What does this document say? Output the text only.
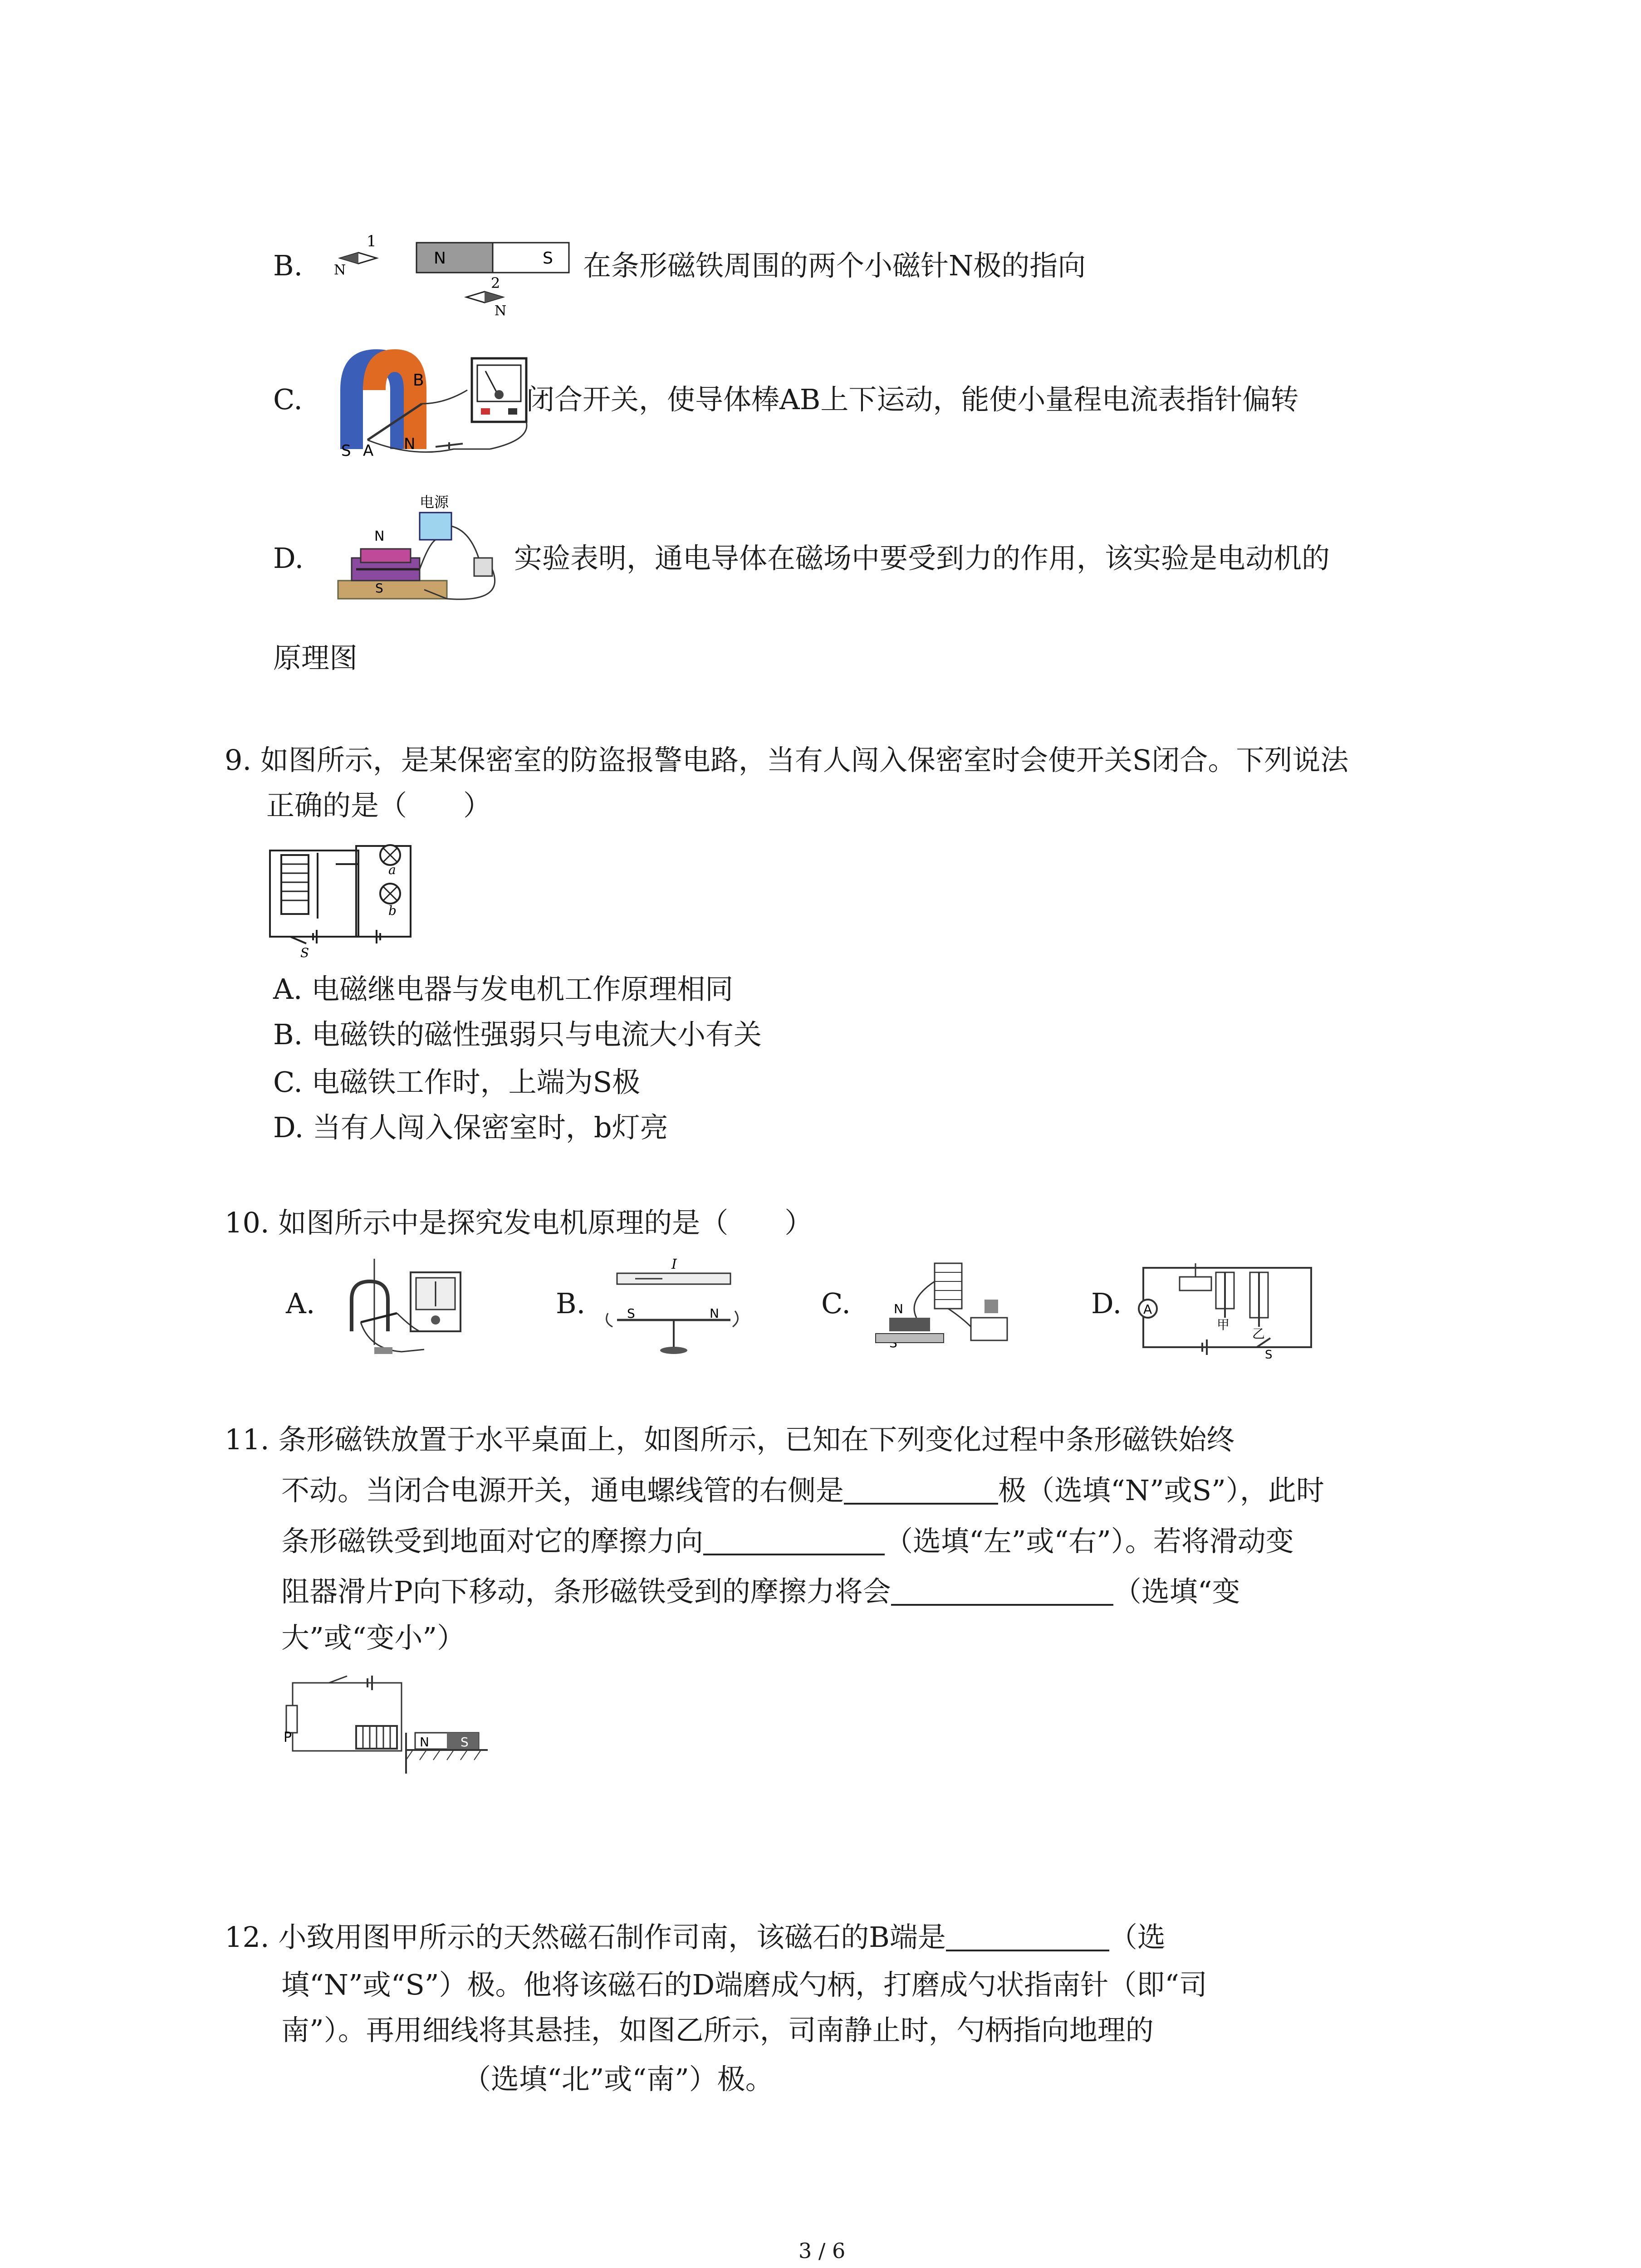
B.
1
N
N	S
2
N
在条形磁铁周围的两个小磁针N极的指向
C.
B
S A N
闭合开关，使导体棒AB上下运动，能使小量程电流表指针偏转
D.
电源
N
S
实验表明，通电导体在磁场中要受到力的作用，该实验是电动机的
原理图
9. 如图所示，是某保密室的防盗报警电路，当有人闯入保密室时会使开关S闭合。下列说法
正确的是（　　）
a
b
S
A. 电磁继电器与发电机工作原理相同
B. 电磁铁的磁性强弱只与电流大小有关
C. 电磁铁工作时，上端为S极
D. 当有人闯入保密室时，b灯亮
10. 如图所示中是探究发电机原理的是（　　）
A.	B.
I
S	N	C.	N	D. A
甲
乙
S
11. 条形磁铁放置于水平桌面上，如图所示，已知在下列变化过程中条形磁铁始终
不动。当闭合电源开关，通电螺线管的右侧是	极（选填“N”或S”），此时
条形磁铁受到地面对它的摩擦力向	（选填“左”或“右”）。若将滑动变
阻器滑片P向下移动，条形磁铁受到的摩擦力将会	（选填“变
大”或“变小”）
P	N S
12. 小致用图甲所示的天然磁石制作司南，该磁石的B端是	（选
填“N”或“S”）极。他将该磁石的D端磨成勺柄，打磨成勺状指南针（即“司
南”）。再用细线将其悬挂，如图乙所示，司南静止时，勺柄指向地理的
（选填“北”或“南”）极。
3 / 6
